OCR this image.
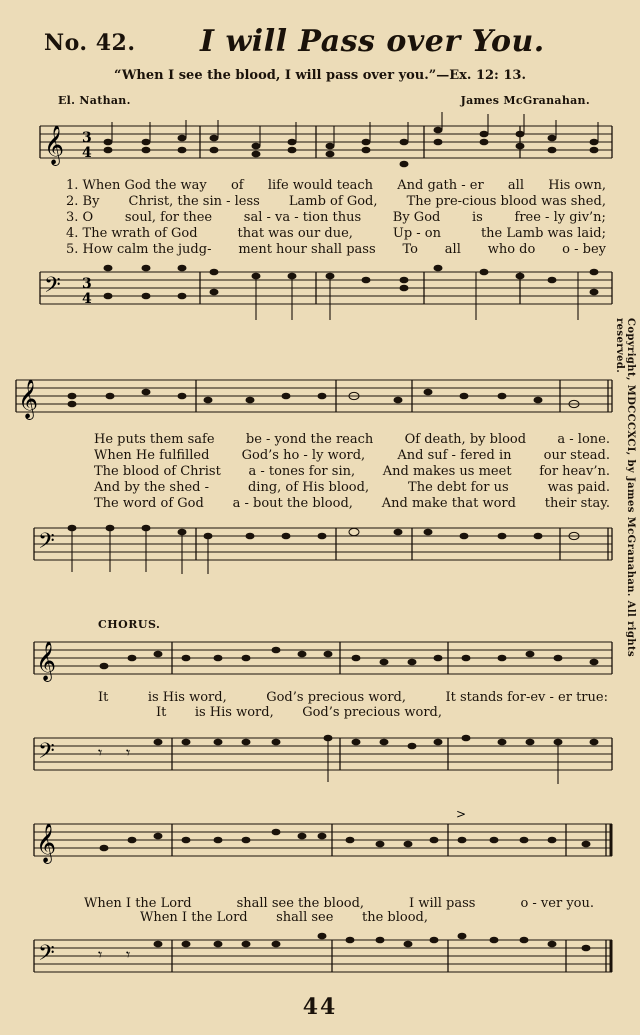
No. 42. I will Pass over You.
“When I see the blood, I will pass over you.”—Ex. 12: 13.
El. Nathan.	James McGranahan.
𝄞 3
4
1. When God the way of life would teach And gath - er all His own,
2. By Christ, the sin - less Lamb of God, The pre-cious blood was shed,
3. O soul, for thee sal - va - tion thus By God is free - ly giv’n;
4. The wrath of God	that was our due,	Up - on	the Lamb was laid;
5. How calm the judg- ment hour shall pass To all who do o - bey
𝄢 3
4
𝄞
He puts them safe be - yond the reach Of death, by blood a - lone.
When He fulfilled God’s ho - ly word, And suf - fered in our stead.
The blood of Christ a - tones for sin, And makes us meet for heav’n.
And by the shed -	ding, of His blood,	The debt for us	was paid.
The word of God a - bout the blood, And make that word their stay.
𝄢
CHORUS.
𝄞
It	is His word,	God’s precious word,	It stands for-ev - er true:
It is His word, God’s precious word,
𝄢	𝄾 𝄾
𝄞
>
When I the Lord	shall see the blood,	I will pass	o - ver you.
When I the Lord shall see the blood,
𝄢	𝄾 𝄾
Copyright, MDCCCXCI, by James McGranahan. All rights reserved.
44
